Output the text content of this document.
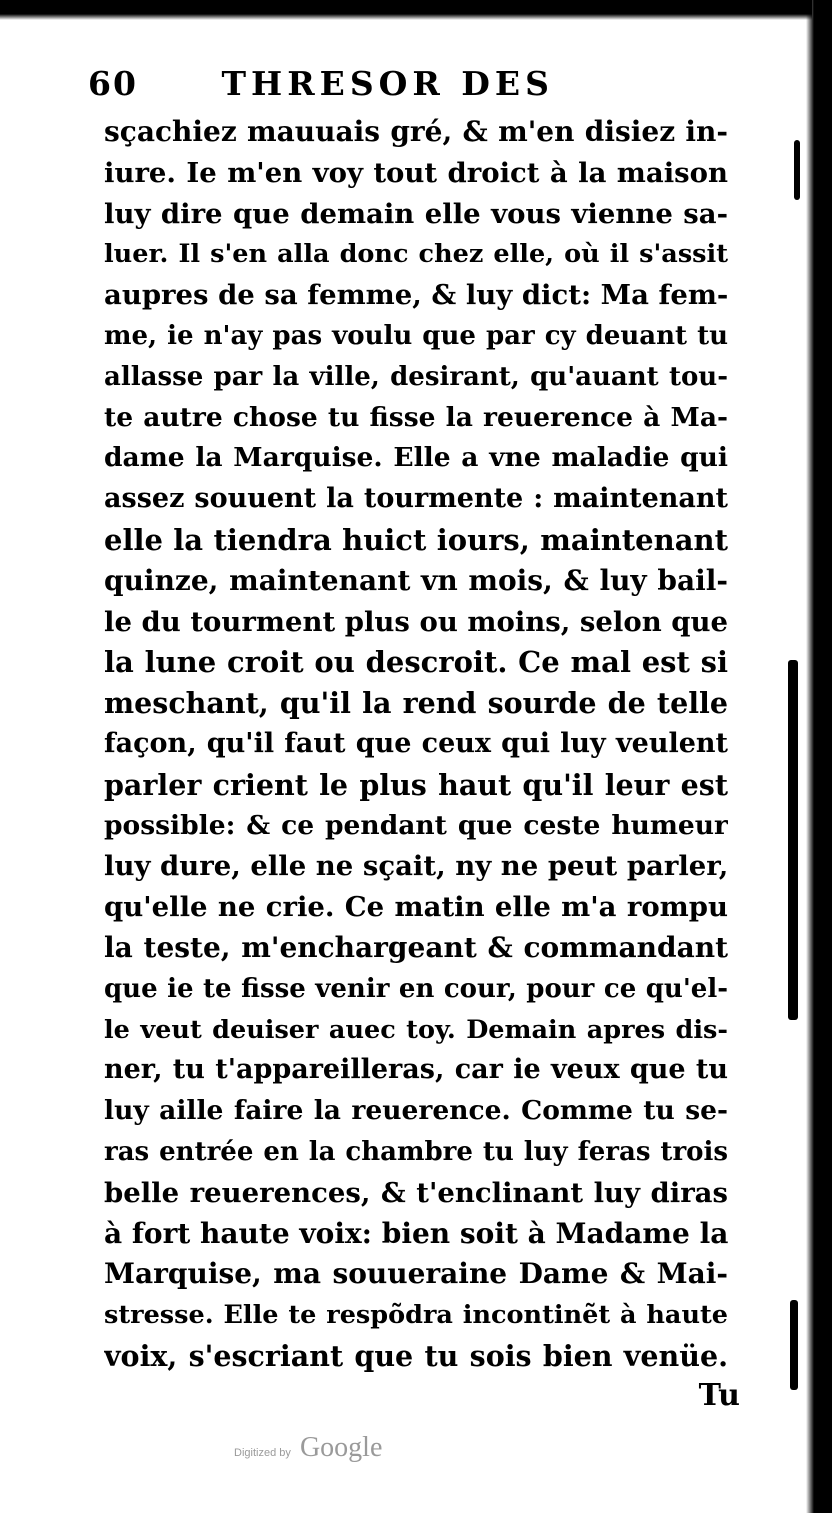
60	THRESOR DES
sçachiez mauuais gré, & m'en disiez in-
iure. Ie m'en voy tout droict à la maison
luy dire que demain elle vous vienne sa-
luer. Il s'en alla donc chez elle, où il s'assit
aupres de sa femme, & luy dict: Ma fem-
me, ie n'ay pas voulu que par cy deuant tu
allasse par la ville, desirant, qu'auant tou-
te autre chose tu fisse la reuerence à Ma-
dame la Marquise. Elle a vne maladie qui
assez souuent la tourmente : maintenant
elle la tiendra huict iours, maintenant
quinze, maintenant vn mois, & luy bail-
le du tourment plus ou moins, selon que
la lune croit ou descroit. Ce mal est si
meschant, qu'il la rend sourde de telle
façon, qu'il faut que ceux qui luy veulent
parler crient le plus haut qu'il leur est
possible: & ce pendant que ceste humeur
luy dure, elle ne sçait, ny ne peut parler,
qu'elle ne crie. Ce matin elle m'a rompu
la teste, m'enchargeant & commandant
que ie te fisse venir en cour, pour ce qu'el-
le veut deuiser auec toy. Demain apres dis-
ner, tu t'appareilleras, car ie veux que tu
luy aille faire la reuerence. Comme tu se-
ras entrée en la chambre tu luy feras trois
belle reuerences, & t'enclinant luy diras
à fort haute voix: bien soit à Madame la
Marquise, ma souueraine Dame & Mai-
stresse. Elle te respõdra incontinẽt à haute
voix, s'escriant que tu sois bien venüe.
Tu
Digitized by Google
